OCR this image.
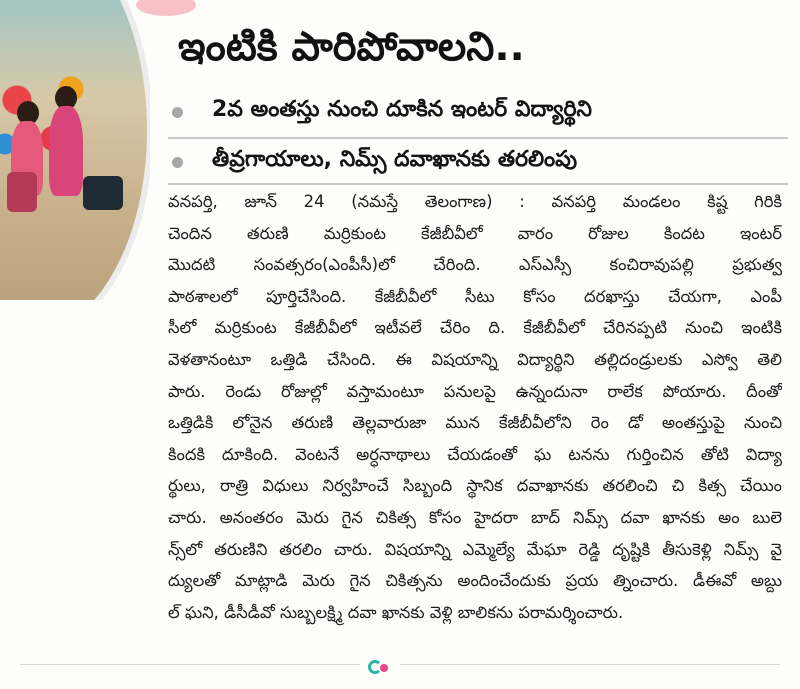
ఇంటికి పారిపోవాలని..
2వ అంతస్తు నుంచి దూకిన ఇంటర్ విద్యార్థిని
తీవ్రగాయాలు, నిమ్స్ దవాఖానకు తరలింపు
వనపర్తి, జూన్ 24 (నమస్తే తెలంగాణ) : వనపర్తి మండలం కిష్ట గిరికి
చెందిన తరుణి మర్రికుంట కేజీబీవీలో వారం రోజుల కిందట ఇంటర్
మొదటి సంవత్సరం(ఎంపీసీ)లో చేరింది. ఎస్ఎస్సీ కంచిరావుపల్లి ప్రభుత్వ
పాఠశాలలో పూర్తిచేసింది. కేజీబీవీలో సీటు కోసం దరఖాస్తు చేయగా, ఎంపీ
సీలో మర్రికుంట కేజీబీవీలో ఇటీవలే చేరిం ది. కేజీబీవీలో చేరినప్పటి నుంచి ఇంటికి
వెళతానంటూ ఒత్తిడి చేసింది. ఈ విషయాన్ని విద్యార్థిని తల్లిదండ్రులకు ఎస్వో తెలి
పారు. రెండు రోజుల్లో వస్తామంటూ పనులపై ఉన్నందునా రాలేక పోయారు. దీంతో
ఒత్తిడికి లోనైన తరుణి తెల్లవారుజా మున కేజీబీవీలోని రెం డో అంతస్తుపై నుంచి
కిందకి దూకింది. వెంటనే అర్ధనాథాలు చేయడంతో ఘ టనను గుర్తించిన తోటి విద్యా
ర్థులు, రాత్రి విధులు నిర్వహించే సిబ్బంది స్థానిక దవాఖానకు తరలించి చి కిత్స చేయిం
చారు. అనంతరం మెరు గైన చికిత్స కోసం హైదరా బాద్ నిమ్స్ దవా ఖానకు అం బులె
న్స్‌లో తరుణిని తరలిం చారు. విషయాన్ని ఎమ్మెల్యే మేఘా రెడ్డి దృష్టికి తీసుకెళ్లి నిమ్స్ వై
ద్యులతో మాట్లాడి మెరు గైన చికిత్సను అందించేందుకు ప్రయ త్నించారు. డీఈవో అబ్దు
ల్ ఘని, డీసీడీవో సుబ్బలక్ష్మి దవా ఖానకు వెళ్లి బాలికను పరామర్శించారు.
